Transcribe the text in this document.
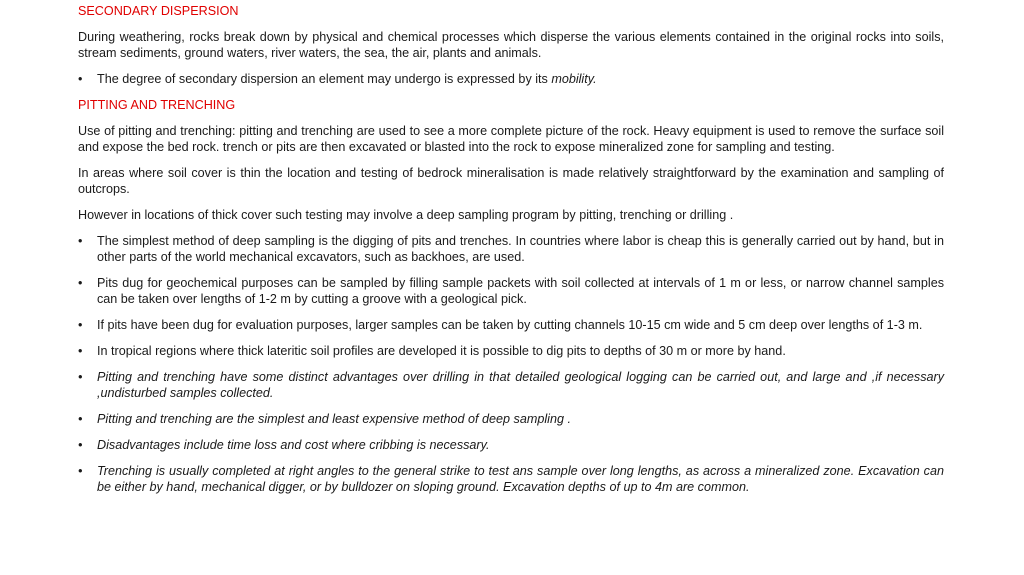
SECONDARY DISPERSION
During weathering, rocks break down by physical and chemical processes which disperse the various elements contained in the original rocks into soils, stream sediments, ground waters, river waters, the sea, the air, plants and animals.
• The degree of secondary dispersion an element may undergo is expressed by its mobility.
PITTING AND TRENCHING
Use of pitting and trenching: pitting and trenching are used to see a more complete picture of the rock. Heavy equipment is used to remove the surface soil and expose the bed rock. trench or pits are then excavated or blasted into the rock to expose mineralized zone for sampling and testing.
In areas where soil cover is thin the location and testing of bedrock mineralisation is made relatively straightforward by the examination and sampling of outcrops.
However in locations of thick cover such testing may involve a deep sampling program by pitting, trenching or drilling .
• The simplest method of deep sampling is the digging of pits and trenches. In countries where labor is cheap this is generally carried out by hand, but in other parts of the world mechanical excavators, such as backhoes, are used.
• Pits dug for geochemical purposes can be sampled by filling sample packets with soil collected at intervals of 1 m or less, or narrow channel samples can be taken over lengths of 1-2 m by cutting a groove with a geological pick.
• If pits have been dug for evaluation purposes, larger samples can be taken by cutting channels 10-15 cm wide and 5 cm deep over lengths of 1-3 m.
• In tropical regions where thick lateritic soil profiles are developed it is possible to dig pits to depths of 30 m or more by hand.
• Pitting and trenching have some distinct advantages over drilling in that detailed geological logging can be carried out, and large and ,if necessary ,undisturbed samples collected.
• Pitting and trenching are the simplest and least expensive method of deep sampling .
• Disadvantages include time loss and cost where cribbing is necessary.
• Trenching is usually completed at right angles to the general strike to test ans sample over long lengths, as across a mineralized zone. Excavation can be either by hand, mechanical digger, or by bulldozer on sloping ground. Excavation depths of up to 4m are common.
